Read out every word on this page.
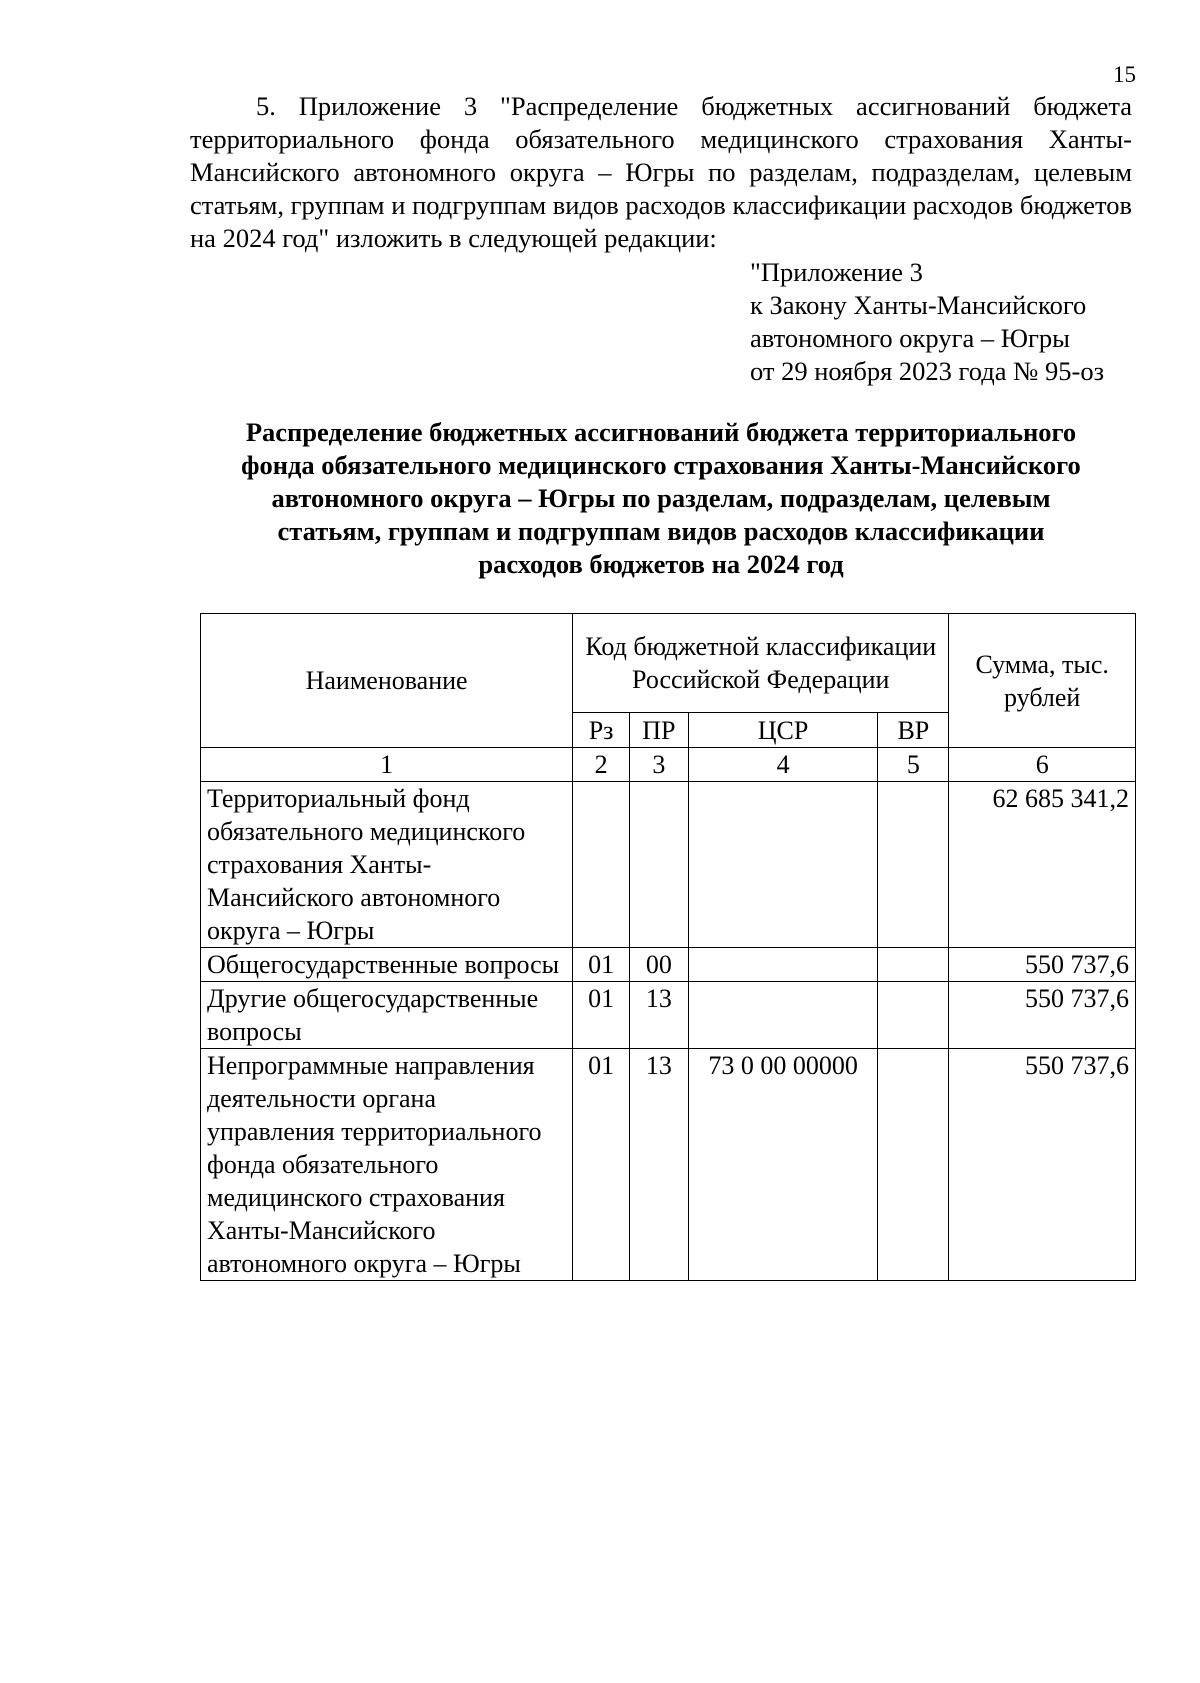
15

5. Приложение 3 "Распределение бюджетных ассигнований бюджета территориального фонда обязательного медицинского страхования Ханты-Мансийского автономного округа – Югры по разделам, подразделам, целевым статьям, группам и подгруппам видов расходов классификации расходов бюджетов на 2024 год" изложить в следующей редакции:

"Приложение 3
к Закону Ханты-Мансийского
автономного округа – Югры
от 29 ноября 2023 года № 95-оз
Распределение бюджетных ассигнований бюджета территориального
фонда обязательного медицинского страхования Ханты-Мансийского
автономного округа – Югры по разделам, подразделам, целевым
статьям, группам и подгруппам видов расходов классификации
расходов бюджетов на 2024 год
Наименование	Код бюджетной классификации Российской Федерации				Сумма, тыс. рублей
	Рз	ПР	ЦСР	ВР	
1	2	3	4	5	6
Территориальный фонд обязательного медицинского страхования Ханты-Мансийского автономного округа – Югры					62 685 341,2
Общегосударственные вопросы	01	00			550 737,6
Другие общегосударственные вопросы	01	13			550 737,6
Непрограммные направления деятельности органа управления территориального фонда обязательного медицинского страхования Ханты-Мансийского автономного округа – Югры	01	13	73 0 00 00000		550 737,6
